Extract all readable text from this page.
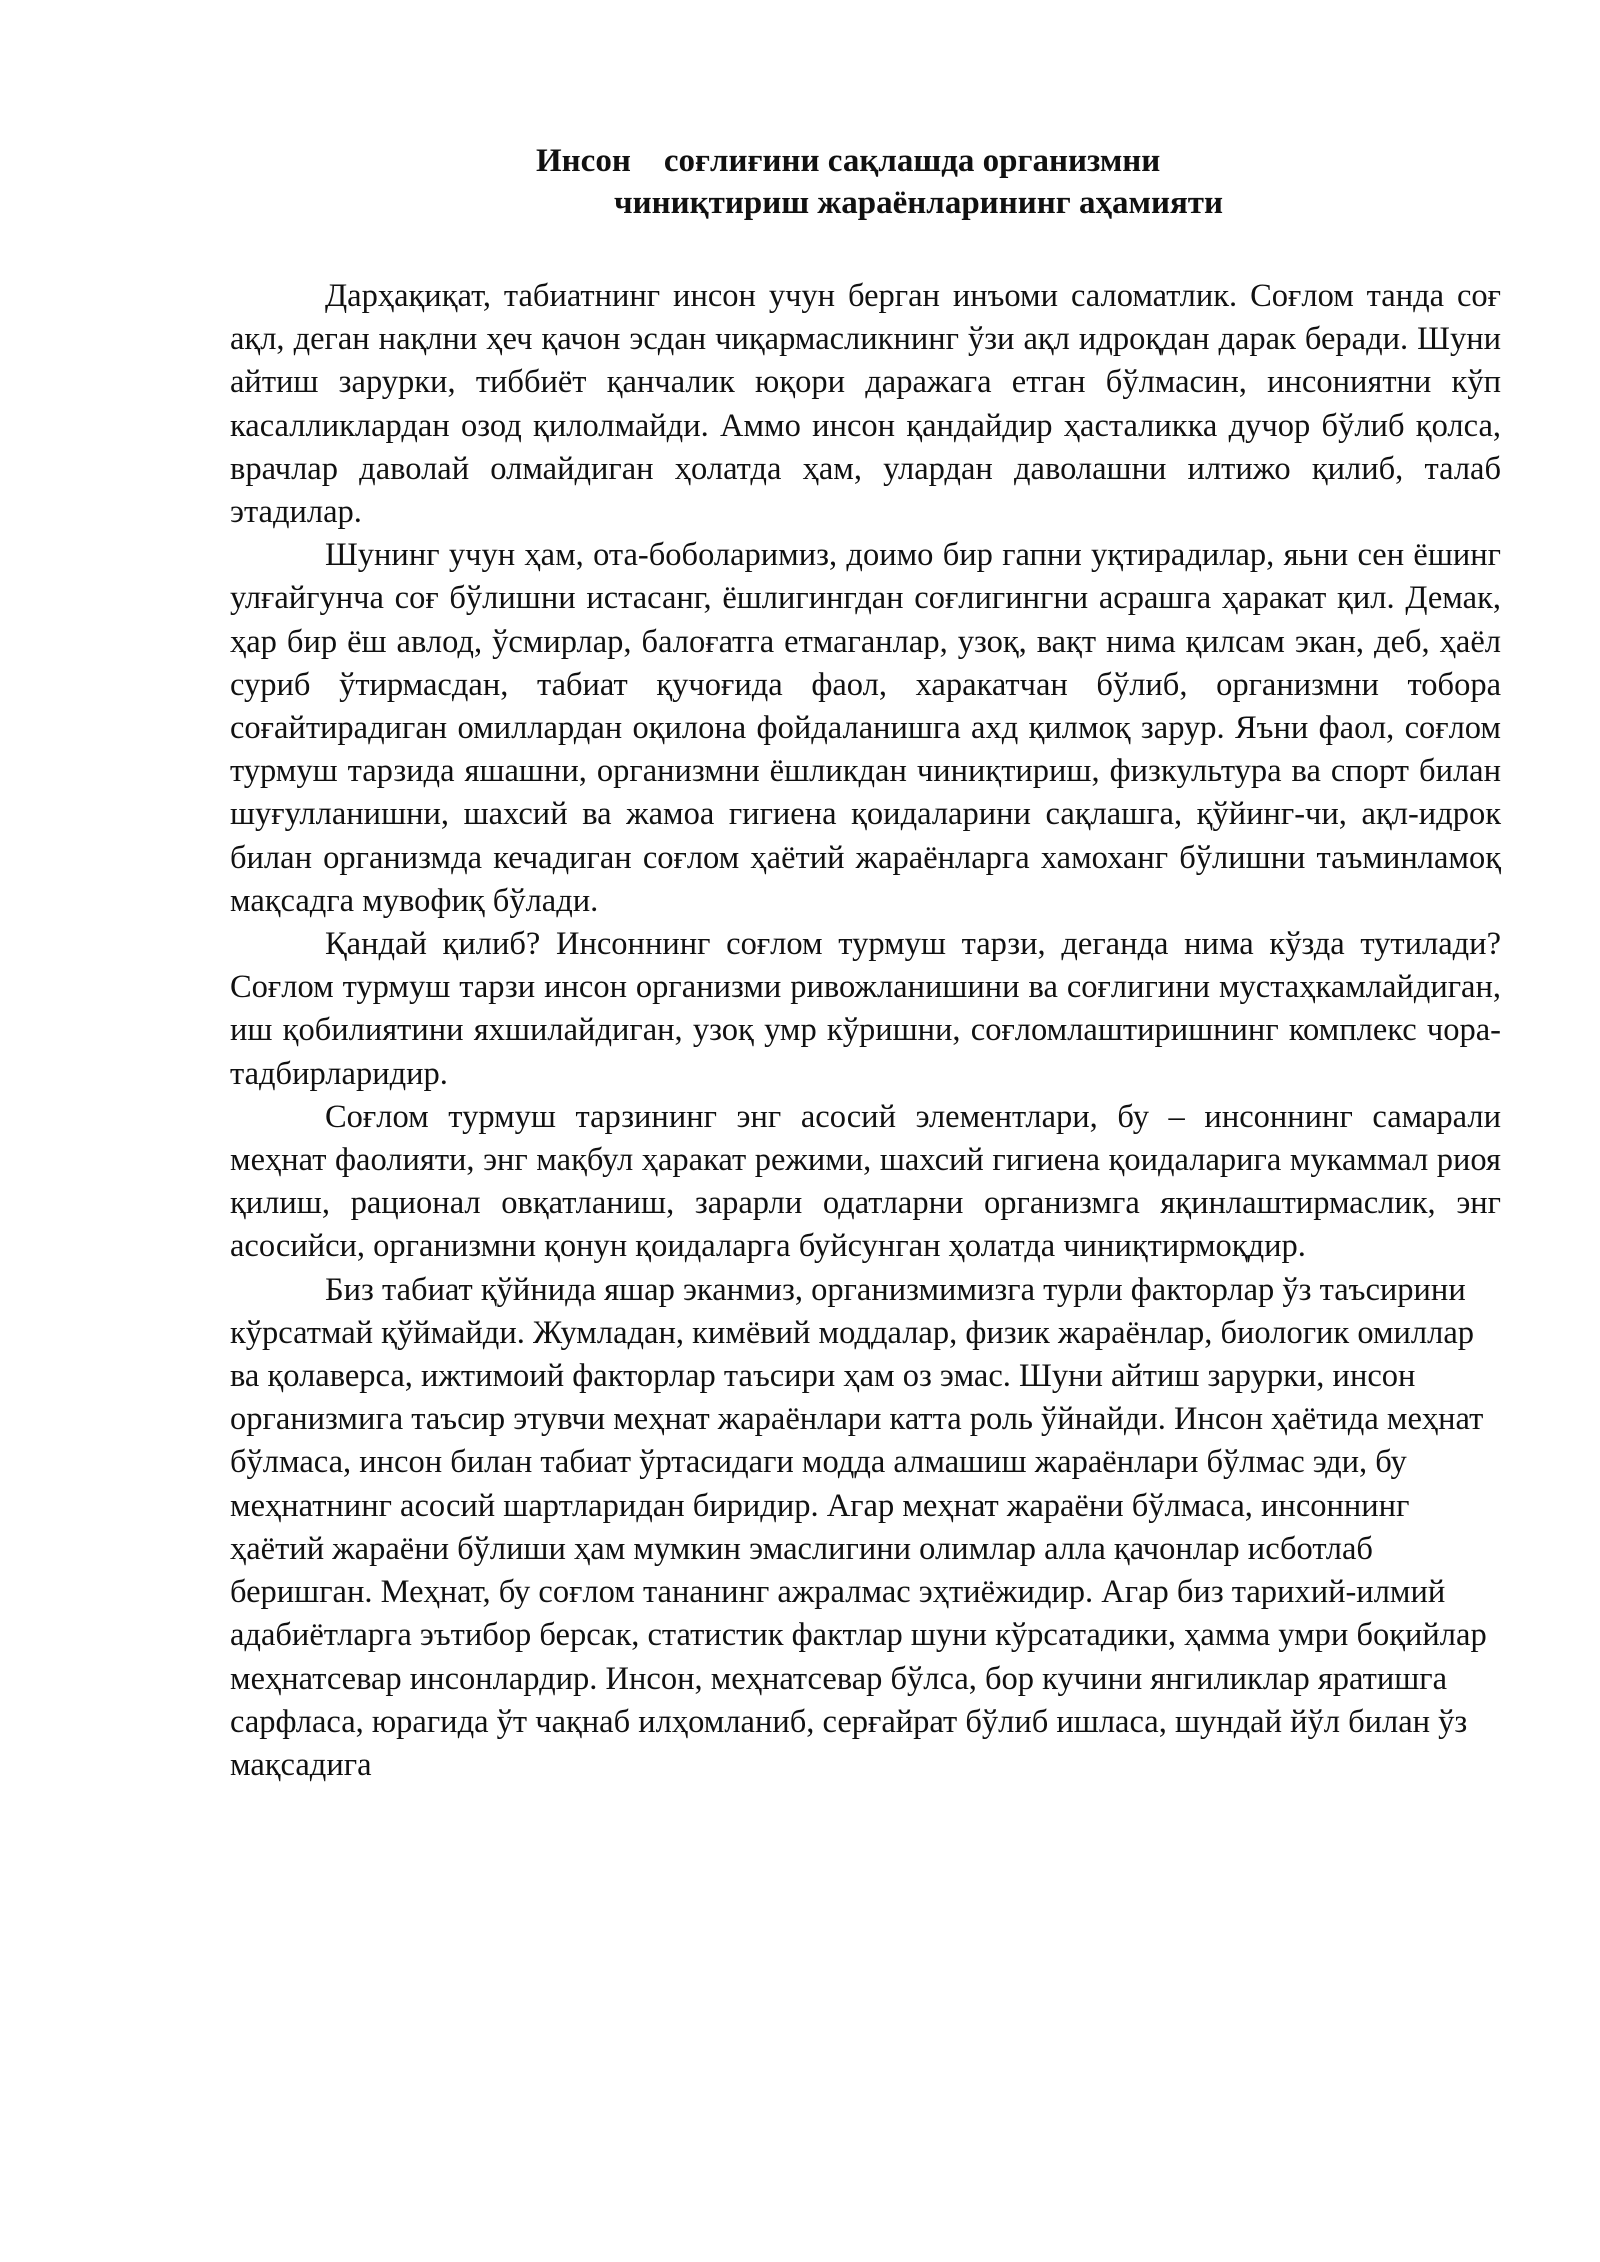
Инсон    соғлиғини сақлашда организмни
чиниқтириш жараёнларининг аҳамияти

Дарҳақиқат, табиатнинг инсон учун берган инъоми саломатлик. Соғлом танда соғ ақл, деган нақлни ҳеч қачон эсдан чиқармасликнинг ўзи ақл идроқдан дарак беради. Шуни айтиш зарурки, тиббиёт қанчалик юқори даражага етган бўлмасин, инсониятни кўп касалликлардан озод қилолмайди. Аммо инсон қандайдир ҳасталикка дучор бўлиб қолса, врачлар даволай олмайдиган ҳолатда ҳам, улардан даволашни илтижо қилиб, талаб этадилар.

Шунинг учун ҳам, ота-боболаримиз, доимо бир гапни уқтирадилар, яьни сен ёшинг улғайгунча соғ бўлишни истасанг, ёшлигингдан соғлигингни асрашга ҳаракат қил. Демак, ҳар бир ёш авлод, ўсмирлар, балоғатга етмаганлар, узоқ, вақт нима қилсам экан, деб, ҳаёл суриб ўтирмасдан, табиат қучоғида фаол, харакатчан бўлиб, организмни тобора соғайтирадиган омиллардан оқилона фойдаланишга ахд қилмоқ зарур. Яъни фаол, соғлом турмуш тарзида яшашни, организмни ёшликдан чиниқтириш, физкультура ва спорт билан шуғулланишни, шахсий ва жамоа гигиена қоидаларини сақлашга, қўйинг-чи, ақл-идрок билан организмда кечадиган соғлом ҳаётий жараёнларга хамоханг бўлишни таъминламоқ мақсадга мувофиқ бўлади.

Қандай қилиб? Инсоннинг соғлом турмуш тарзи, деганда нима кўзда тутилади? Соғлом турмуш тарзи инсон организми ривожланишини ва соғлигини мустаҳкамлайдиган, иш қобилиятини яхшилайдиган, узоқ умр кўришни, соғломлаштиришнинг комплекс чора-тадбирларидир.

Соғлом турмуш тарзининг энг асосий элементлари, бу – инсоннинг самарали меҳнат фаолияти, энг мақбул ҳаракат режими, шахсий гигиена қоидаларига мукаммал риоя қилиш, рационал овқатланиш, зарарли одатларни организмга яқинлаштирмаслик, энг асосийси, организмни қонун қоидаларга буйсунган ҳолатда чиниқтирмоқдир.

Биз табиат қўйнида яшар эканмиз, организмимизга турли факторлар ўз таъсирини кўрсатмай қўймайди. Жумладан, кимёвий моддалар, физик жараёнлар, биологик омиллар ва қолаверса, ижтимоий факторлар таъсири ҳам оз эмас. Шуни айтиш зарурки, инсон организмига таъсир этувчи меҳнат жараёнлари катта роль ўйнайди. Инсон ҳаётида меҳнат бўлмаса, инсон билан табиат ўртасидаги модда алмашиш жараёнлари бўлмас эди, бу меҳнатнинг асосий шартларидан биридир. Агар меҳнат жараёни бўлмаса, инсоннинг ҳаётий жараёни бўлиши ҳам мумкин эмаслигини олимлар алла қачонлар исботлаб беришган. Меҳнат, бу соғлом тананинг ажралмас эҳтиёжидир. Агар биз тарихий-илмий адабиётларга эътибор берсак, статистик фактлар шуни кўрсатадики, ҳамма умри боқийлар меҳнатсевар инсонлардир. Инсон, меҳнатсевар бўлса, бор кучини янгиликлар яратишга сарфласа, юрагида ўт чақнаб илҳомланиб, серғайрат бўлиб ишласа, шундай йўл билан ўз мақсадига
